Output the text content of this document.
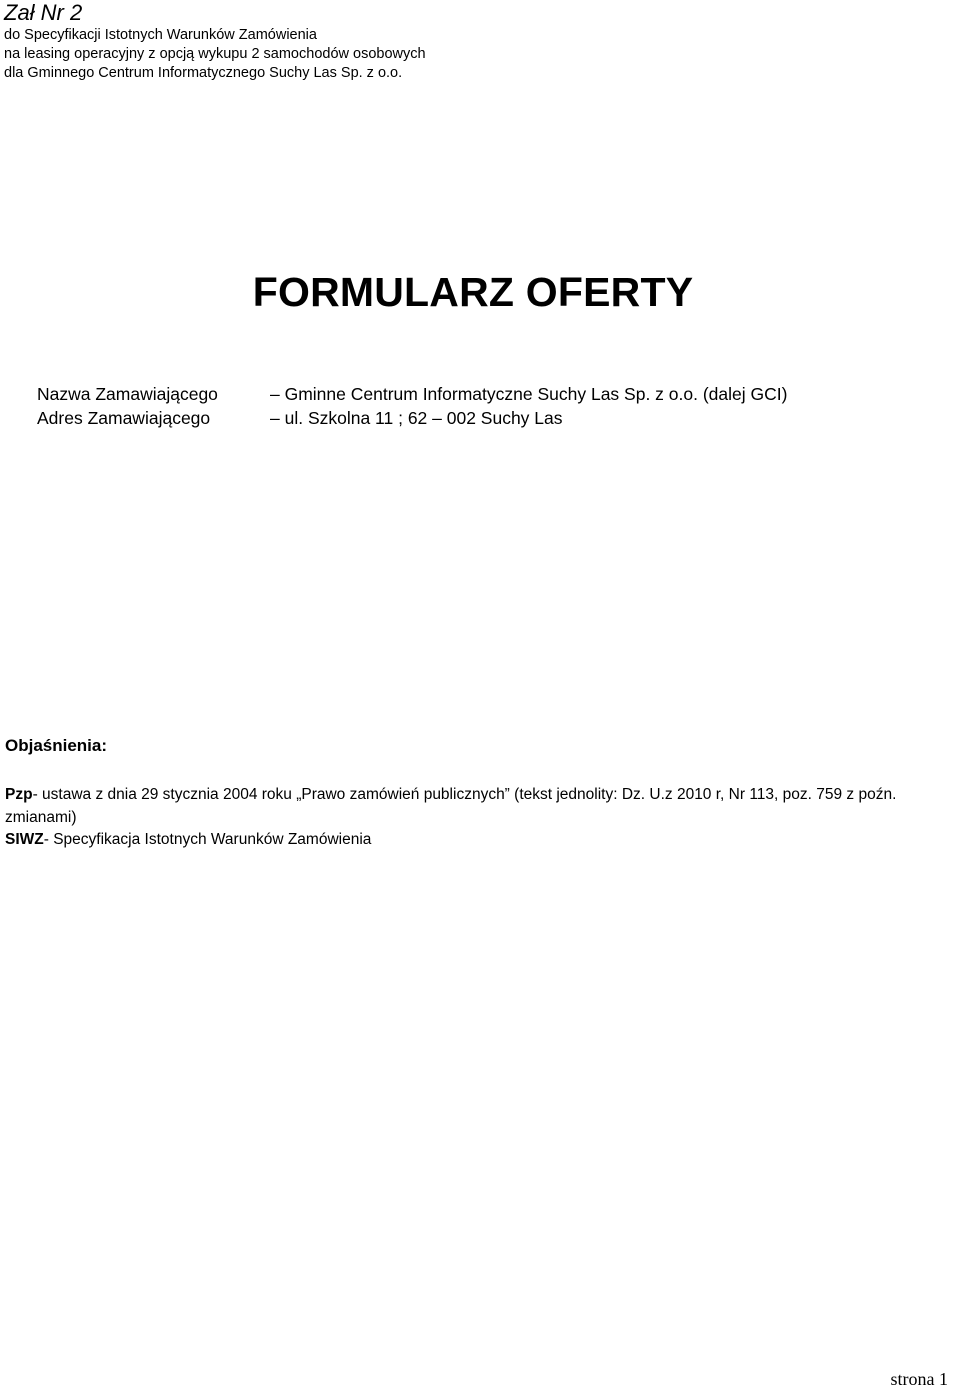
Zał Nr 2

do Specyfikacji Istotnych Warunków Zamówienia

na leasing operacyjny z opcją wykupu 2 samochodów osobowych

dla Gminnego Centrum Informatycznego Suchy Las Sp. z o.o.

FORMULARZ OFERTY
Nazwa Zamawiającego	– Gminne Centrum Informatyczne Suchy Las Sp. z o.o. (dalej GCI)
Adres Zamawiającego	– ul. Szkolna 11 ; 62 – 002 Suchy Las
Objaśnienia:

Pzp- ustawa z dnia 29 stycznia 2004 roku „Prawo zamówień publicznych” (tekst jednolity: Dz. U.z 2010 r, Nr 113, poz. 759 z poźn. zmianami)

SIWZ- Specyfikacja Istotnych Warunków Zamówienia

strona 1
